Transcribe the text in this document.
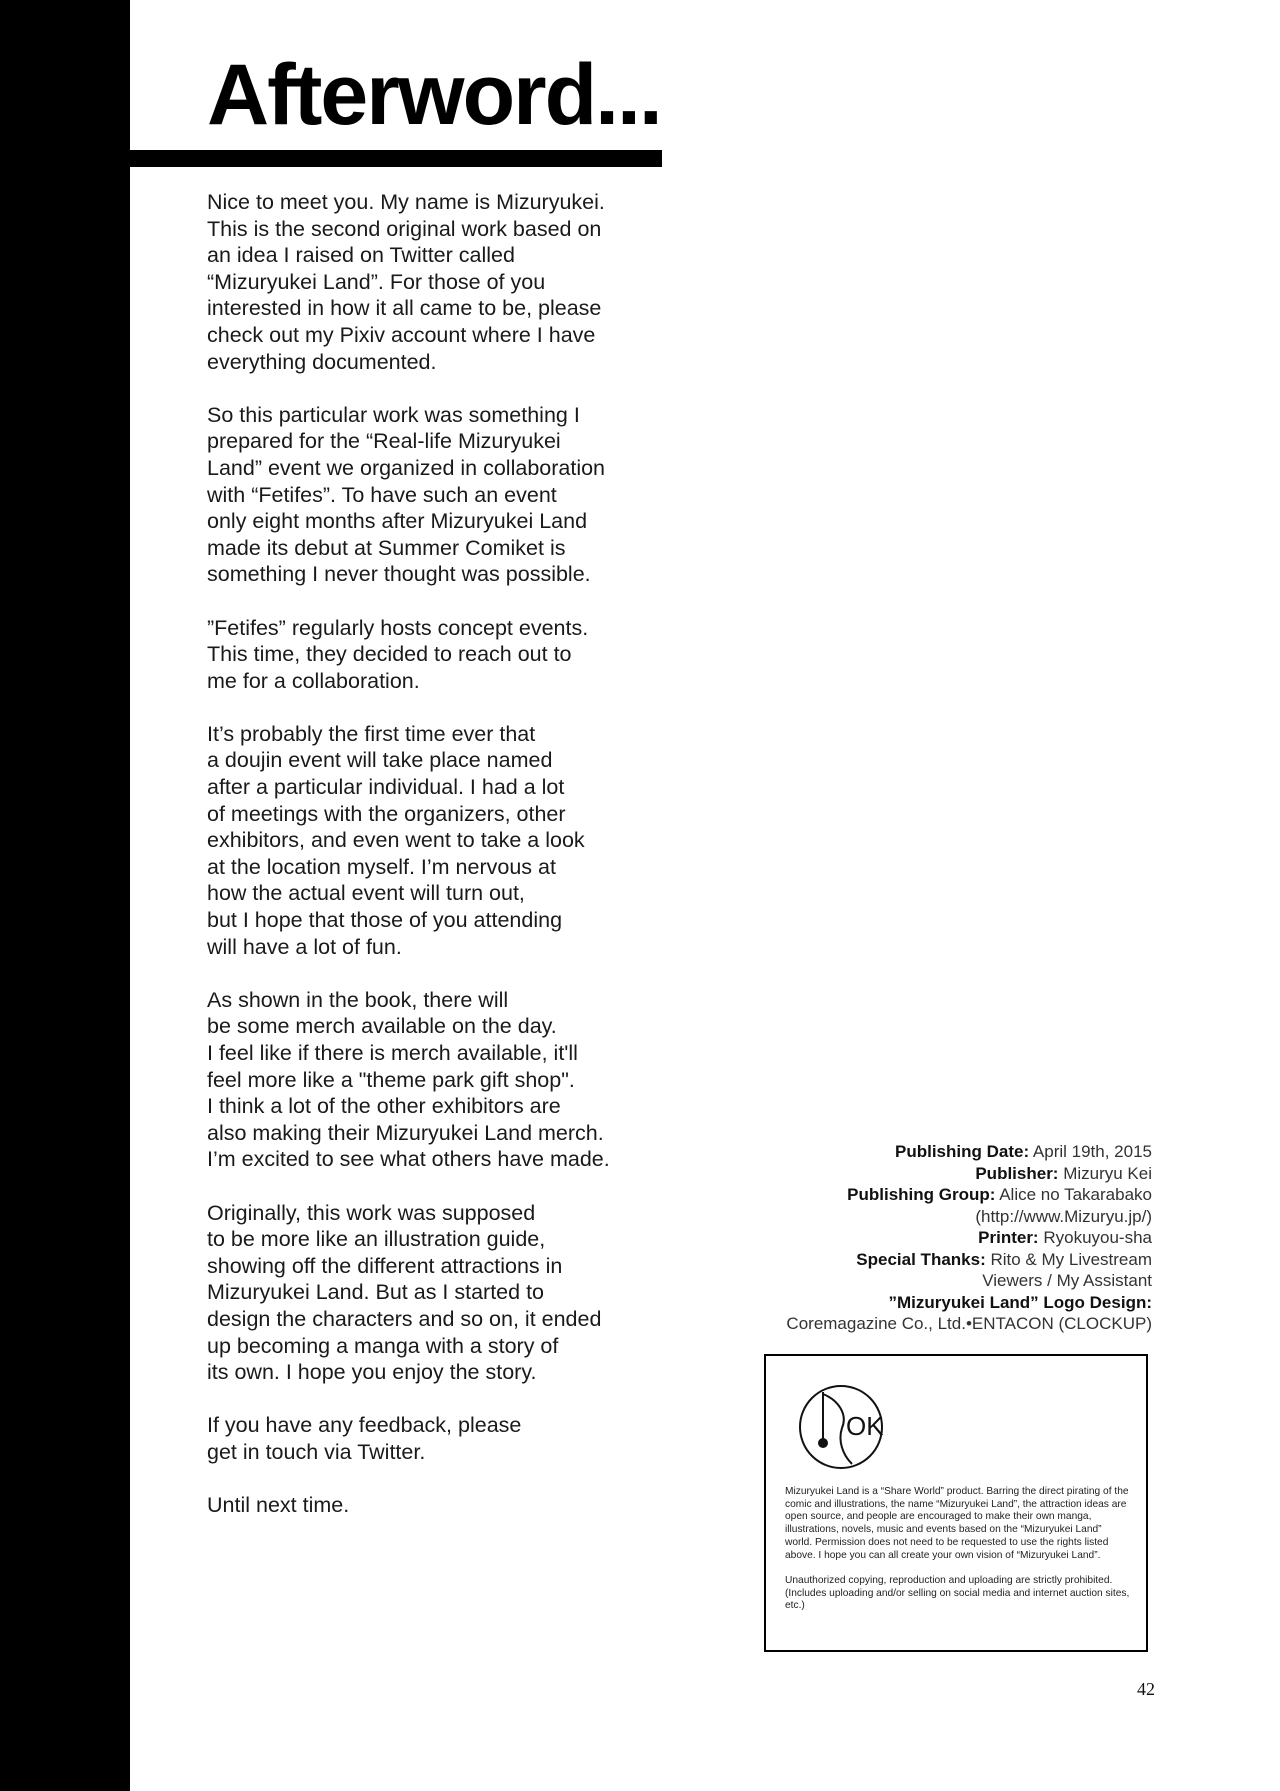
Afterword...

Nice to meet you. My name is Mizuryukei.
This is the second original work based on
an idea I raised on Twitter called
“Mizuryukei Land”. For those of you
interested in how it all came to be, please
check out my Pixiv account where I have
everything documented.

So this particular work was something I
prepared for the “Real-life Mizuryukei
Land” event we organized in collaboration
with “Fetifes”. To have such an event
only eight months after Mizuryukei Land
made its debut at Summer Comiket is
something I never thought was possible.

”Fetifes” regularly hosts concept events.
This time, they decided to reach out to
me for a collaboration.

It’s probably the first time ever that
a doujin event will take place named
after a particular individual. I had a lot
of meetings with the organizers, other
exhibitors, and even went to take a look
at the location myself. I’m nervous at
how the actual event will turn out,
but I hope that those of you attending
will have a lot of fun.

As shown in the book, there will
be some merch available on the day.
I feel like if there is merch available, it'll
feel more like a "theme park gift shop".
I think a lot of the other exhibitors are
also making their Mizuryukei Land merch.
I’m excited to see what others have made.

Originally, this work was supposed
to be more like an illustration guide,
showing off the different attractions in
Mizuryukei Land. But as I started to
design the characters and so on, it ended
up becoming a manga with a story of
its own. I hope you enjoy the story.

If you have any feedback, please
get in touch via Twitter.

Until next time.

Publishing Date: April 19th, 2015
Publisher: Mizuryu Kei
Publishing Group: Alice no Takarabako
(http://www.Mizuryu.jp/)
Printer: Ryokuyou-sha
Special Thanks: Rito & My Livestream
Viewers / My Assistant
”Mizuryukei Land” Logo Design:
Coremagazine Co., Ltd.•ENTACON (CLOCKUP)
OK

Mizuryukei Land is a “Share World” product. Barring the direct pirating of the comic and illustrations, the name “Mizuryukei Land”, the attraction ideas are open source, and people are encouraged to make their own manga, illustrations, novels, music and events based on the “Mizuryukei Land” world. Permission does not need to be requested to use the rights listed above. I hope you can all create your own vision of “Mizuryukei Land”.

Unauthorized copying, reproduction and uploading are strictly prohibited. (Includes uploading and/or selling on social media and internet auction sites, etc.)

42
